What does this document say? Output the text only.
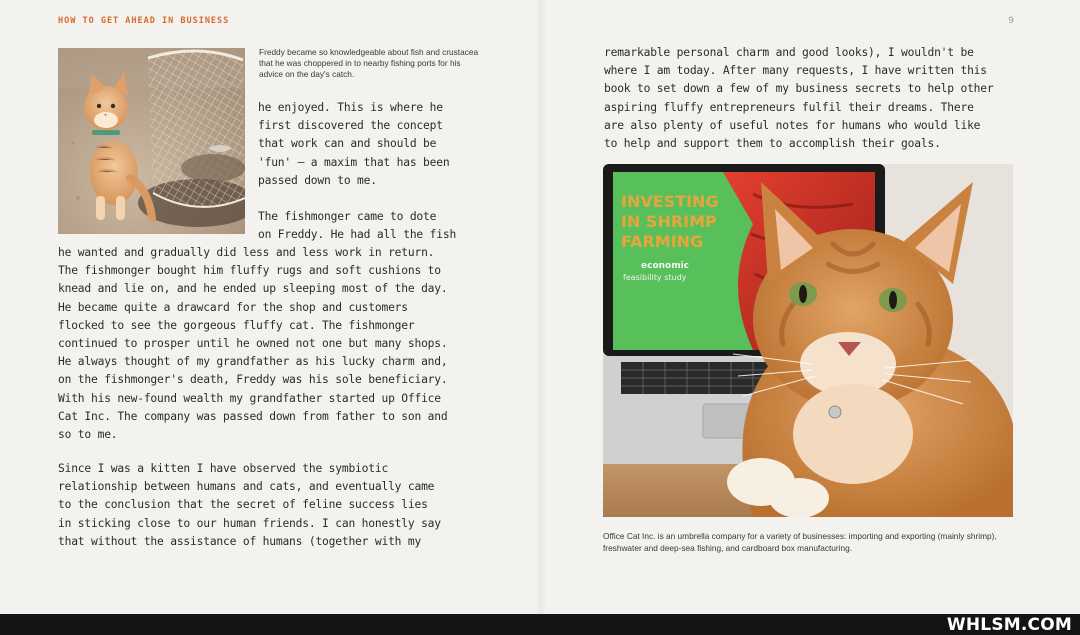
HOW TO GET AHEAD IN BUSINESS

Freddy became so knowledgeable about fish and crustacea that he was choppered in to nearby fishing ports for his advice on the day's catch.

he enjoyed. This is where he

first discovered the concept

that work can and should be

'fun' – a maxim that has been

passed down to me.

The fishmonger came to dote

on Freddy. He had all the fish

he wanted and gradually did less and less work in return.

The fishmonger bought him fluffy rugs and soft cushions to

knead and lie on, and he ended up sleeping most of the day.

He became quite a drawcard for the shop and customers

flocked to see the gorgeous fluffy cat. The fishmonger

continued to prosper until he owned not one but many shops.

He always thought of my grandfather as his lucky charm and,

on the fishmonger's death, Freddy was his sole beneficiary.

With his new-found wealth my grandfather started up Office

Cat Inc. The company was passed down from father to son and

so to me.

Since I was a kitten I have observed the symbiotic

relationship between humans and cats, and eventually came

to the conclusion that the secret of feline success lies

in sticking close to our human friends. I can honestly say

that without the assistance of humans (together with my

9

remarkable personal charm and good looks), I wouldn't be

where I am today. After many requests, I have written this

book to set down a few of my business secrets to help other

aspiring fluffy entrepreneurs fulfil their dreams. There

are also plenty of useful notes for humans who would like

to help and support them to accomplish their goals.

INVESTING
IN SHRIMP
FARMING
economic
feasibility study

Office Cat Inc. is an umbrella company for a variety of businesses: importing and exporting (mainly shrimp), freshwater and deep-sea fishing, and cardboard box manufacturing.

WHLSM.COM
